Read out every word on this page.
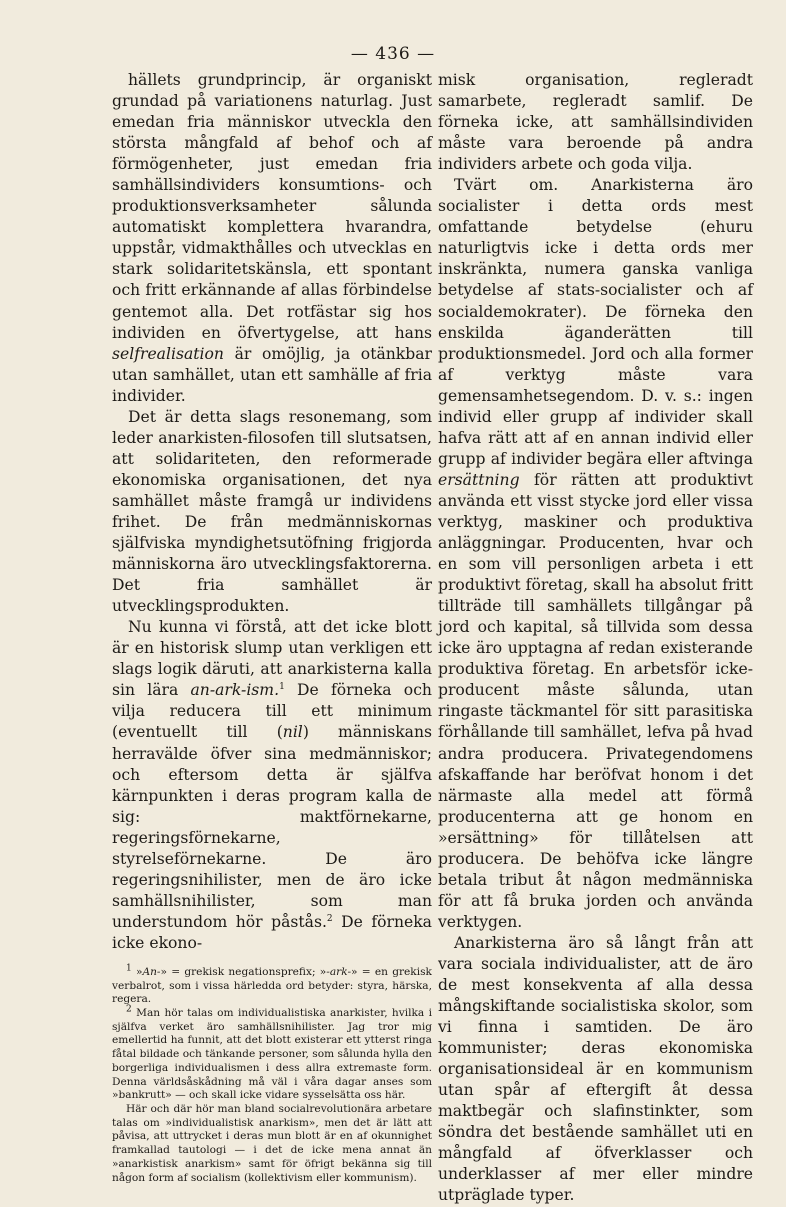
— 436 —

hällets grundprincip, är organiskt grundad på variationens naturlag. Just emedan fria människor utveckla den största mångfald af behof och af förmögenheter, just emedan fria samhällsindividers konsumtions- och produktionsverksamheter sålunda automatiskt komplettera hvarandra, uppstår, vidmakthålles och utvecklas en stark solidaritetskänsla, ett spontant och fritt erkännande af allas förbindelse gentemot alla. Det rotfästar sig hos individen en öfvertygelse, att hans selfrealisation är omöjlig, ja otänkbar utan samhället, utan ett samhälle af fria individer.

Det är detta slags resonemang, som leder anarkisten-filosofen till slutsatsen, att solidariteten, den reformerade ekonomiska organisationen, det nya samhället måste framgå ur individens frihet. De från medmänniskornas själfviska myndighetsutöfning frigjorda människorna äro utvecklingsfaktorerna. Det fria samhället är utvecklingsprodukten.

Nu kunna vi förstå, att det icke blott är en historisk slump utan verkligen ett slags logik däruti, att anarkisterna kalla sin lära an-ark-ism.$^1$ De förneka och vilja reducera till ett minimum (eventuellt till (nil) människans herravälde öfver sina medmänniskor; och eftersom detta är själfva kärnpunkten i deras program kalla de sig: maktförnekarne, regeringsförnekarne, styrelseförnekarne. De äro regeringsnihilister, men de äro icke samhällsnihilister, som man understundom hör påstås.$^2$ De förneka icke ekono-

$^1$ »An-» = grekisk negationsprefix; »-ark-» = en grekisk verbalrot, som i vissa härledda ord betyder: styra, härska, regera.

$^2$ Man hör talas om individualistiska anarkister, hvilka i själfva verket äro samhällsnihilister. Jag tror mig emellertid ha funnit, att det blott existerar ett ytterst ringa fåtal bildade och tänkande personer, som sålunda hylla den borgerliga individualismen i dess allra extremaste form. Denna världsåskådning må väl i våra dagar anses som »bankrutt» — och skall icke vidare sysselsätta oss här.

Här och där hör man bland socialrevolutionära arbetare talas om »individualistisk anarkism», men det är lätt att påvisa, att uttrycket i deras mun blott är en af okunnighet framkallad tautologi — i det de icke mena annat än »anarkistisk anarkism» samt för öfrigt bekänna sig till någon form af socialism (kollektivism eller kommunism).

misk organisation, regleradt samarbete, regleradt samlif. De förneka icke, att samhällsindividen måste vara beroende på andra individers arbete och goda vilja.

Tvärt om. Anarkisterna äro socialister i detta ords mest omfattande betydelse (ehuru naturligtvis icke i detta ords mer inskränkta, numera ganska vanliga betydelse af stats-socialister och af socialdemokrater). De förneka den enskilda äganderätten till produktionsmedel. Jord och alla former af verktyg måste vara gemensamhetsegendom. D. v. s.: ingen individ eller grupp af individer skall hafva rätt att af en annan individ eller grupp af individer begära eller aftvinga ersättning för rätten att produktivt använda ett visst stycke jord eller vissa verktyg, maskiner och produktiva anläggningar. Producenten, hvar och en som vill personligen arbeta i ett produktivt företag, skall ha absolut fritt tillträde till samhällets tillgångar på jord och kapital, så tillvida som dessa icke äro upptagna af redan existerande produktiva företag. En arbetsför icke-producent måste sålunda, utan ringaste täckmantel för sitt parasitiska förhållande till samhället, lefva på hvad andra producera. Privategendomens afskaffande har beröfvat honom i det närmaste alla medel att förmå producenterna att ge honom en »ersättning» för tillåtelsen att producera. De behöfva icke längre betala tribut åt någon medmänniska för att få bruka jorden och använda verktygen.

Anarkisterna äro så långt från att vara sociala individualister, att de äro de mest konsekventa af alla dessa mångskiftande socialistiska skolor, som vi finna i samtiden. De äro kommunister; deras ekonomiska organisationsideal är en kommunism utan spår af eftergift åt dessa maktbegär och slafinstinkter, som söndra det bestående samhället uti en mångfald af öfverklasser och underklasser af mer eller mindre utpräglade typer.
